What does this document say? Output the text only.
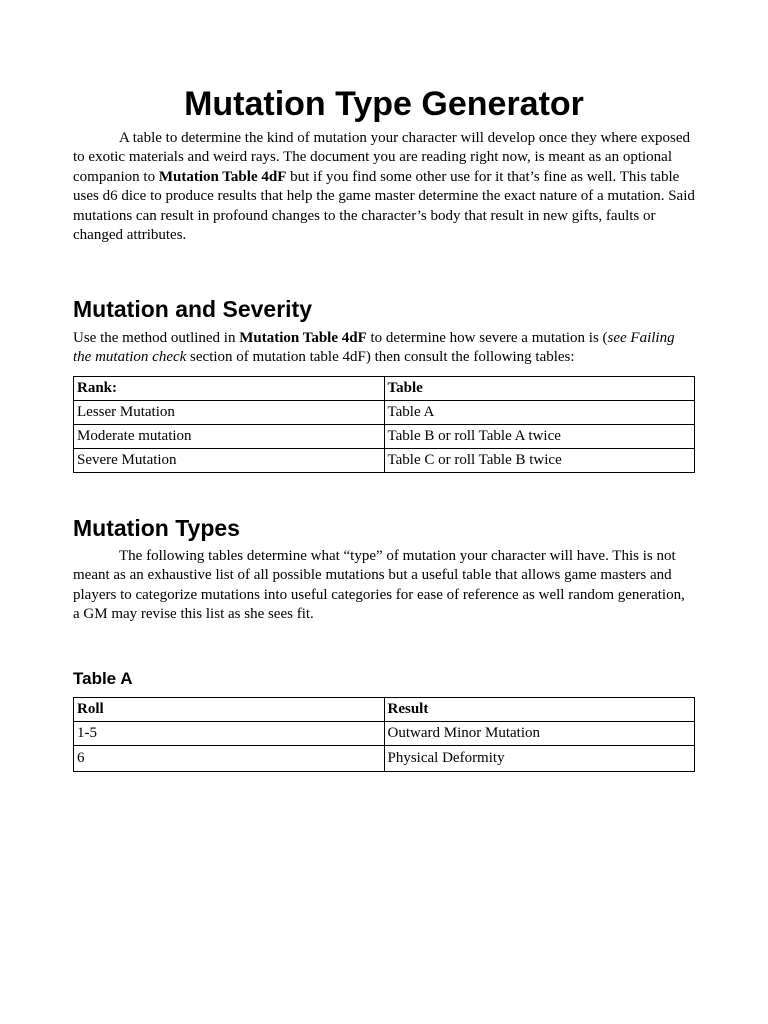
Mutation Type Generator

A table to determine the kind of mutation your character will develop once they where exposed to exotic materials and weird rays. The document you are reading right now, is meant as an optional companion to Mutation Table 4dF but if you find some other use for it that’s fine as well. This table uses d6 dice to produce results that help the game master determine the exact nature of a mutation. Said mutations can result in profound changes to the character’s body that result in new gifts, faults or changed attributes.

Mutation and Severity

Use the method outlined in Mutation Table 4dF to determine how severe a mutation is (see Failing the mutation check section of mutation table 4dF) then consult the following tables:

Rank:	Table
Lesser Mutation	Table A
Moderate mutation	Table B or roll Table A twice
Severe Mutation	Table C or roll Table B twice
Mutation Types

The following tables determine what “type” of mutation your character will have. This is not meant as an exhaustive list of all possible mutations but a useful table that allows game masters and players to categorize mutations into useful categories for ease of reference as well random generation, a GM may revise this list as she sees fit.

Table A
Roll	Result
1-5	Outward Minor Mutation
6	Physical Deformity
